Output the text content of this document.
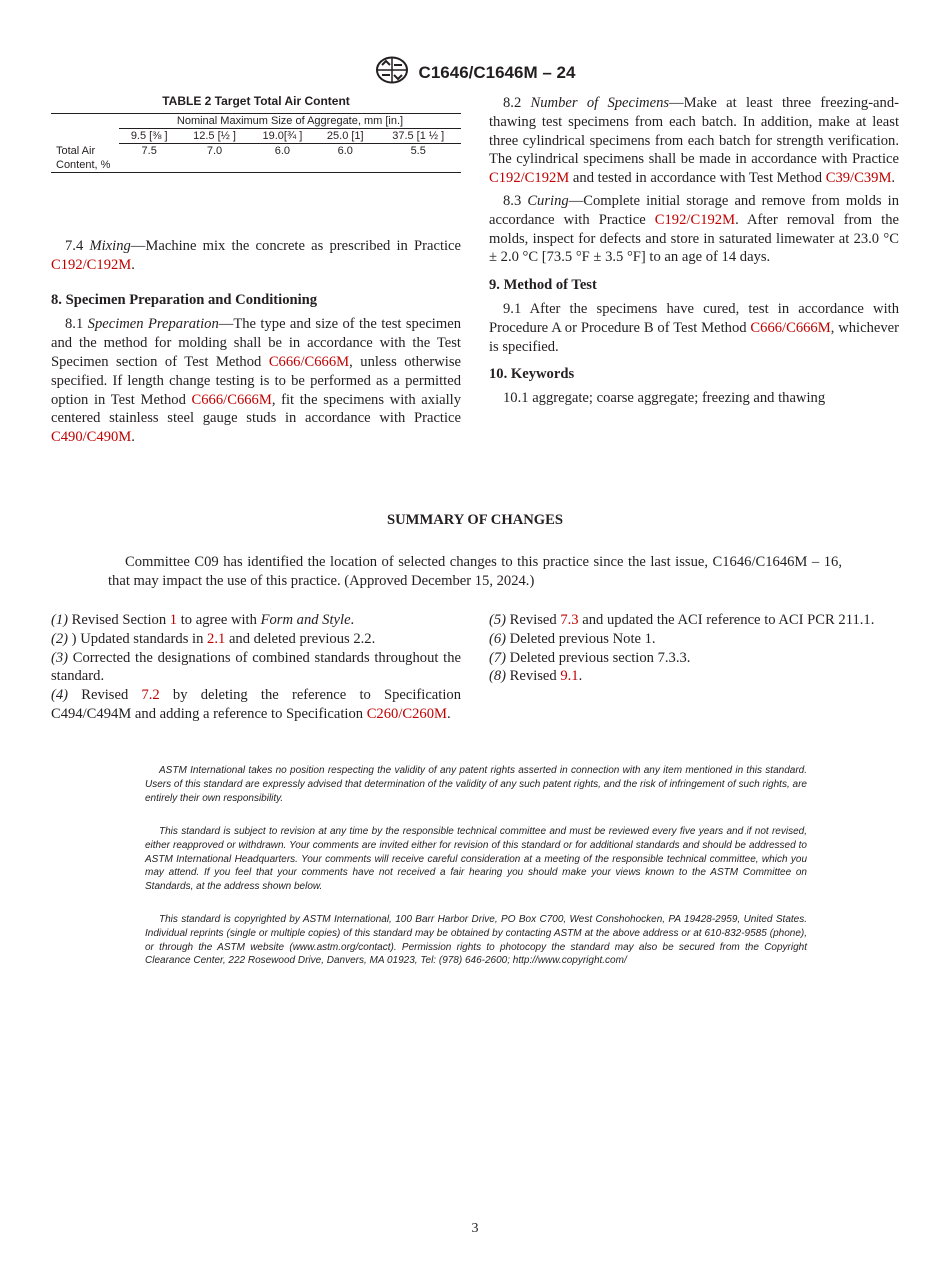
C1646/C1646M – 24
TABLE 2 Target Total Air Content
	Nominal Maximum Size of Aggregate, mm [in.]				
	9.5 [⅜ ]	12.5 [½ ]	19.0[¾ ]	25.0 [1]	37.5 [1 ½ ]
Total Air	7.5	7.0	6.0	6.0	5.5
Content, %					

7.4 Mixing—Machine mix the concrete as prescribed in Practice C192/C192M.

8. Specimen Preparation and Conditioning

8.1 Specimen Preparation—The type and size of the test specimen and the method for molding shall be in accordance with the Test Specimen section of Test Method C666/C666M, unless otherwise specified. If length change testing is to be performed as a permitted option in Test Method C666/C666M, fit the specimens with axially centered stainless steel gauge studs in accordance with Practice C490/C490M.

8.2 Number of Specimens—Make at least three freezing-and-thawing test specimens from each batch. In addition, make at least three cylindrical specimens from each batch for strength verification. The cylindrical specimens shall be made in accordance with Practice C192/C192M and tested in accordance with Test Method C39/C39M.

8.3 Curing—Complete initial storage and remove from molds in accordance with Practice C192/C192M. After removal from the molds, inspect for defects and store in saturated limewater at 23.0 °C ± 2.0 °C [73.5 °F ± 3.5 °F] to an age of 14 days.

9. Method of Test

9.1 After the specimens have cured, test in accordance with Procedure A or Procedure B of Test Method C666/C666M, whichever is specified.

10. Keywords

10.1 aggregate; coarse aggregate; freezing and thawing

SUMMARY OF CHANGES
Committee C09 has identified the location of selected changes to this practice since the last issue, C1646/C1646M – 16, that may impact the use of this practice. (Approved December 15, 2024.)

(1) Revised Section 1 to agree with Form and Style.

(2) ) Updated standards in 2.1 and deleted previous 2.2.

(3) Corrected the designations of combined standards throughout the standard.

(4) Revised 7.2 by deleting the reference to Specification C494/C494M and adding a reference to Specification C260/C260M.

(5) Revised 7.3 and updated the ACI reference to ACI PCR 211.1.

(6) Deleted previous Note 1.

(7) Deleted previous section 7.3.3.

(8) Revised 9.1.

ASTM International takes no position respecting the validity of any patent rights asserted in connection with any item mentioned in this standard. Users of this standard are expressly advised that determination of the validity of any such patent rights, and the risk of infringement of such rights, are entirely their own responsibility.

This standard is subject to revision at any time by the responsible technical committee and must be reviewed every five years and if not revised, either reapproved or withdrawn. Your comments are invited either for revision of this standard or for additional standards and should be addressed to ASTM International Headquarters. Your comments will receive careful consideration at a meeting of the responsible technical committee, which you may attend. If you feel that your comments have not received a fair hearing you should make your views known to the ASTM Committee on Standards, at the address shown below.

This standard is copyrighted by ASTM International, 100 Barr Harbor Drive, PO Box C700, West Conshohocken, PA 19428-2959, United States. Individual reprints (single or multiple copies) of this standard may be obtained by contacting ASTM at the above address or at 610-832-9585 (phone), or through the ASTM website (www.astm.org/contact). Permission rights to photocopy the standard may also be secured from the Copyright Clearance Center, 222 Rosewood Drive, Danvers, MA 01923, Tel: (978) 646-2600; http://www.copyright.com/

3
